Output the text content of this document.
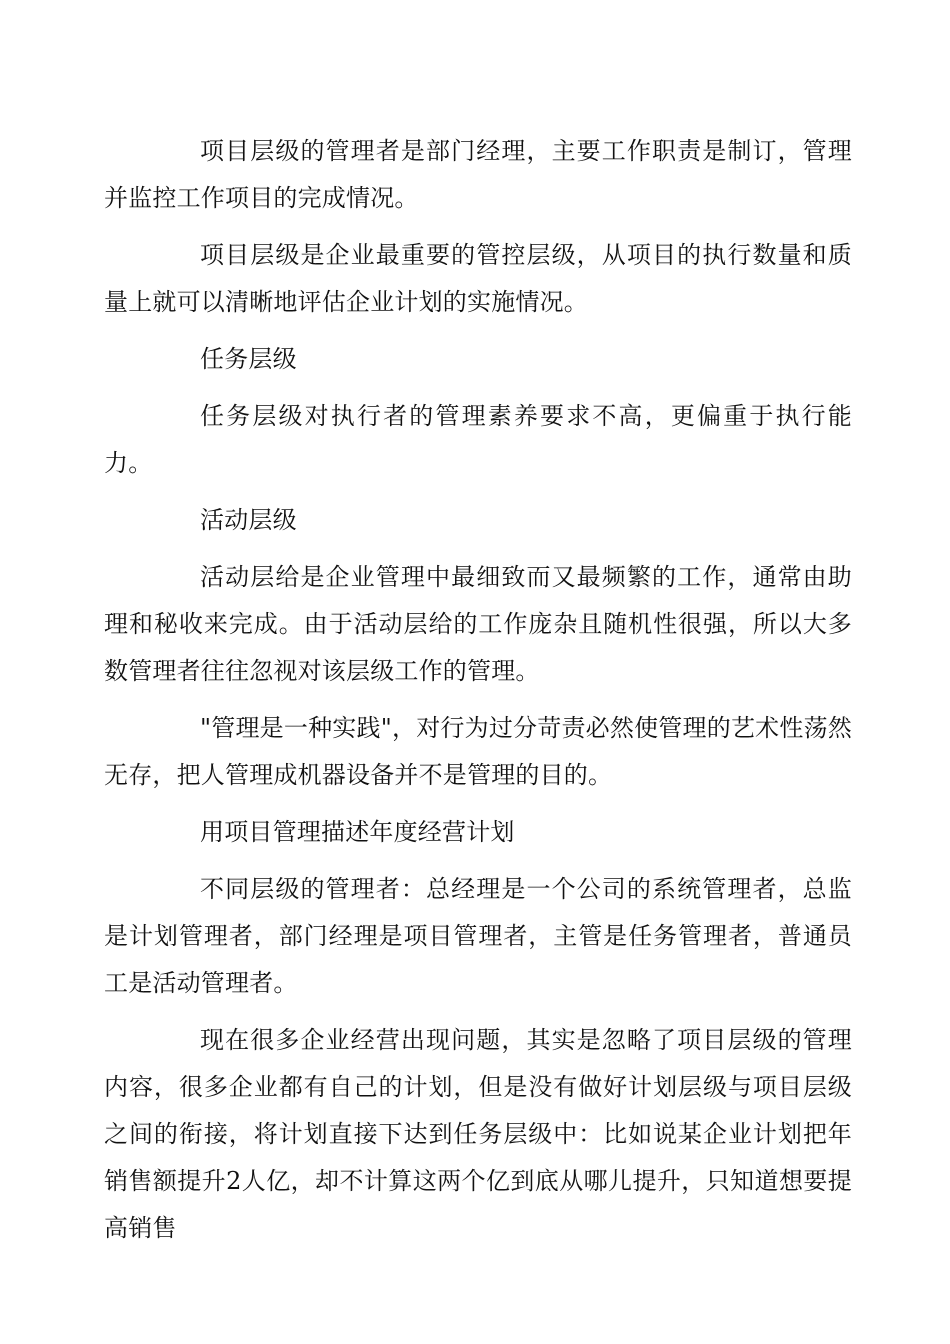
项目层级的管理者是部门经理，主要工作职责是制订，管理并监控工作项目的完成情况。

项目层级是企业最重要的管控层级，从项目的执行数量和质量上就可以清晰地评估企业计划的实施情况。

任务层级

任务层级对执行者的管理素养要求不高，更偏重于执行能力。

活动层级

活动层给是企业管理中最细致而又最频繁的工作，通常由助理和秘收来完成。由于活动层给的工作庞杂且随机性很强，所以大多数管理者往往忽视对该层级工作的管理。

"管理是一种实践"，对行为过分苛责必然使管理的艺术性荡然无存，把人管理成机器设备并不是管理的目的。

用项目管理描述年度经营计划

不同层级的管理者：总经理是一个公司的系统管理者，总监是计划管理者，部门经理是项目管理者，主管是任务管理者，普通员工是活动管理者。

现在很多企业经营出现问题，其实是忽略了项目层级的管理内容，很多企业都有自己的计划，但是没有做好计划层级与项目层级之间的衔接，将计划直接下达到任务层级中：比如说某企业计划把年销售额提升2人亿，却不计算这两个亿到底从哪儿提升，只知道想要提高销售
